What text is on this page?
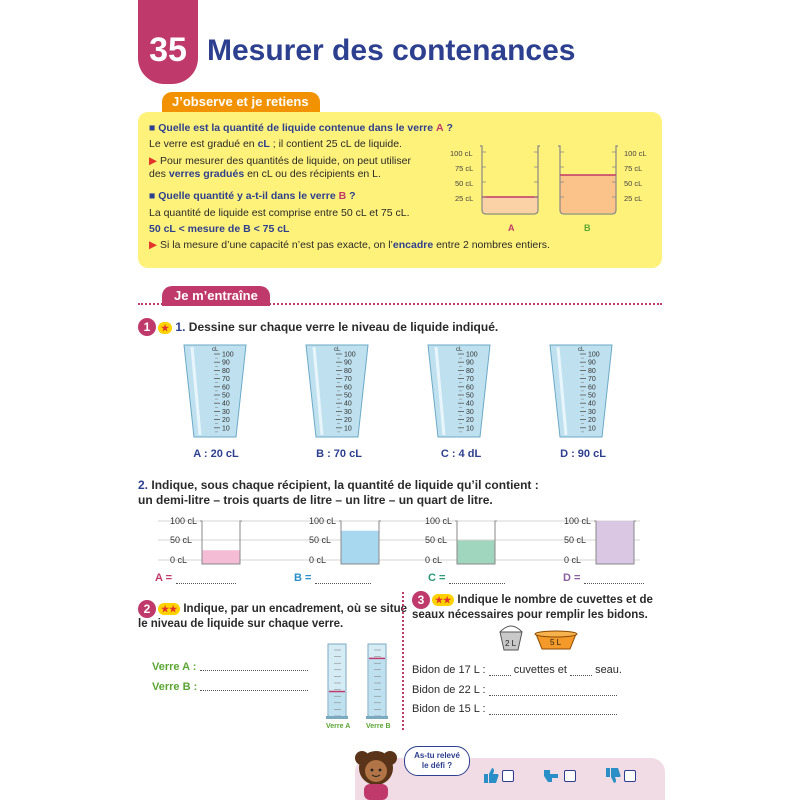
35 Mesurer des contenances
J’observe et je retiens
■ Quelle est la quantité de liquide contenue dans le verre A ?
Le verre est gradué en cL ; il contient 25 cL de liquide.
▶ Pour mesurer des quantités de liquide, on peut utiliser
des verres gradués en cL ou des récipients en L.
■ Quelle quantité y a-t-il dans le verre B ?
La quantité de liquide est comprise entre 50 cL et 75 cL.
50 cL < mesure de B < 75 cL
▶ Si la mesure d’une capacité n’est pas exacte, on l’encadre entre 2 nombres entiers.
100 cL
75 cL
50 cL
25 cL
100 cL
75 cL
50 cL
25 cL
A	B
Je m’entraîne
1	★ 1. Dessine sur chaque verre le niveau de liquide indiqué.
cL
100
90
80
70
60
50
40
30
20
10
cL
100
90
80
70
60
50
40
30
20
10
cL
100
90
80
70
60
50
40
30
20
10
cL
100
90
80
70
60
50
40
30
20
10
A : 20 cL	B : 70 cL	C : 4 dL	D : 90 cL
2. Indique, sous chaque récipient, la quantité de liquide qu’il contient :
un demi-litre – trois quarts de litre – un litre – un quart de litre.
100 cL
50 cL
0 cL
100 cL
50 cL
0 cL
100 cL
50 cL
0 cL
100 cL
50 cL
0 cL
A =	B =	C =	D =
2	★★ Indique, par un encadrement, où se situe
le niveau de liquide sur chaque verre.
Verre A :
Verre B :
Verre A Verre B
3	★★ Indique le nombre de cuvettes et de
seaux nécessaires pour remplir les bidons.
2 L	5 L
Bidon de 17 L :	cuvettes et	seau.
Bidon de 22 L :
Bidon de 15 L :
As-tu relevé
le défi ?
